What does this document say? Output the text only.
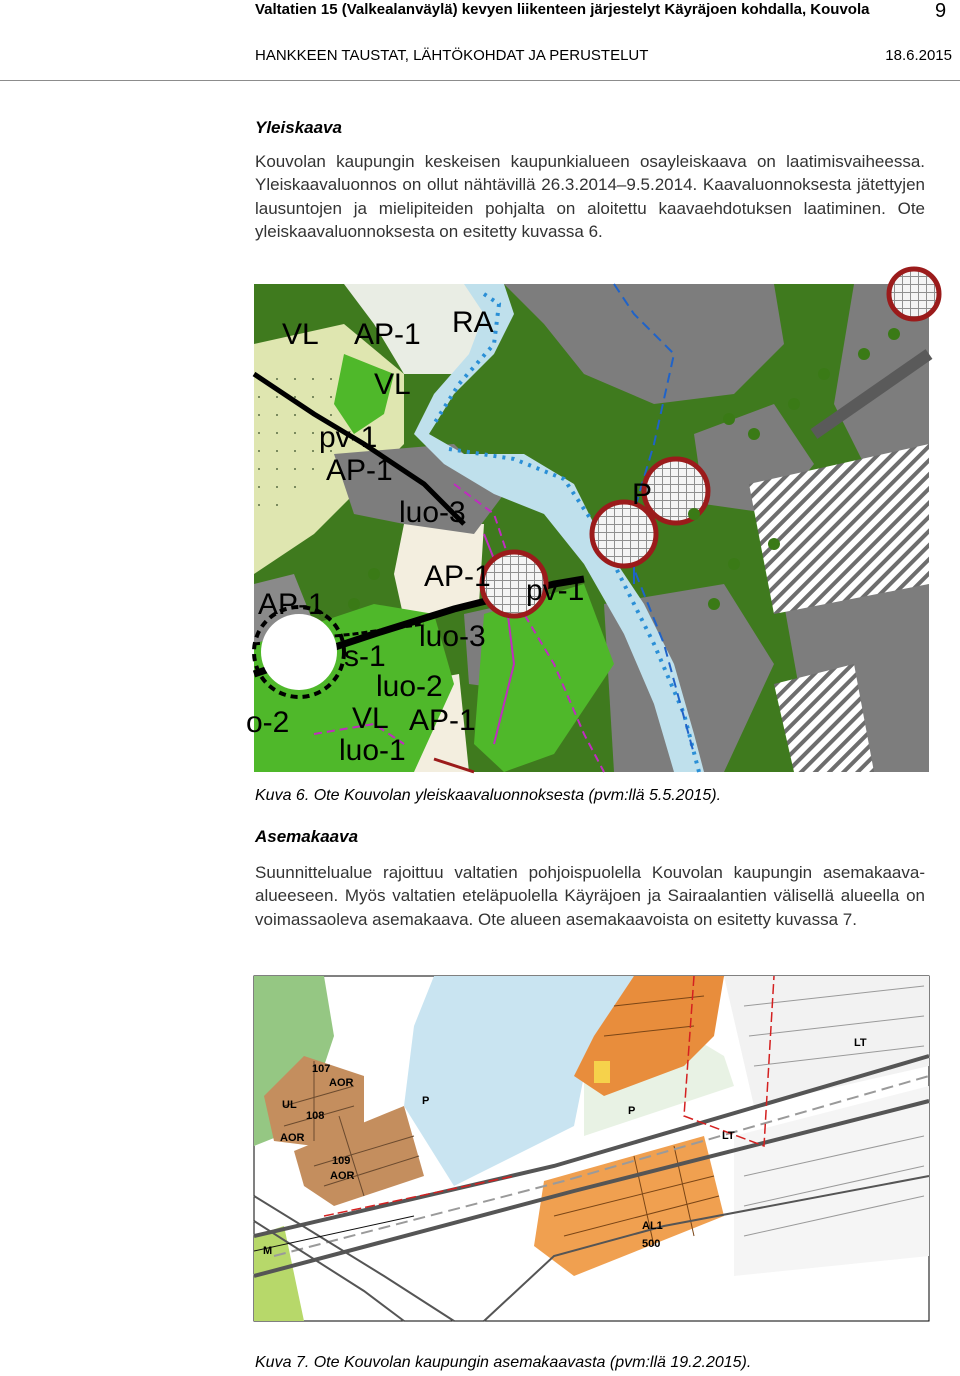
Valtatien 15 (Valkealanväylä) kevyen liikenteen järjestelyt Käyräjoen kohdalla, Kouvola	9
HANKKEEN TAUSTAT, LÄHTÖKOHDAT JA PERUSTELUT	18.6.2015
Yleiskaava
Kouvolan kaupungin keskeisen kaupunkialueen osayleiskaava on laatimisvaiheessa. Yleiskaavaluonnos on ollut nähtävillä 26.3.2014–9.5.2014. Kaavaluonnoksesta jätettyjen lausuntojen ja mielipiteiden pohjalta on aloitettu kaavaehdotuksen laatiminen. Ote yleiskaavaluonnoksesta on esitetty kuvassa 6.
VL AP-1 RA
VL
pv-1
AP-1
luo-3
P
AP-1 pv-1
AP-1
luo-3
s-1
luo-2
o-2 VL AP-1
luo-1
Kuva 6. Ote Kouvolan yleiskaavaluonnoksesta (pvm:llä 5.5.2015).
Asemakaava
Suunnittelualue rajoittuu valtatien pohjoispuolella Kouvolan kaupungin asemakaava-alueeseen. Myös valtatien eteläpuolella Käyräjoen ja Sairaalantien välisellä alueella on voimassaoleva asemakaava. Ote alueen asemakaavoista on esitetty kuvassa 7.
107
AOR
UL
108
AOR
109
AOR
P
P
LT
LT
AL1
500
M
Kuva 7. Ote Kouvolan kaupungin asemakaavasta (pvm:llä 19.2.2015).
